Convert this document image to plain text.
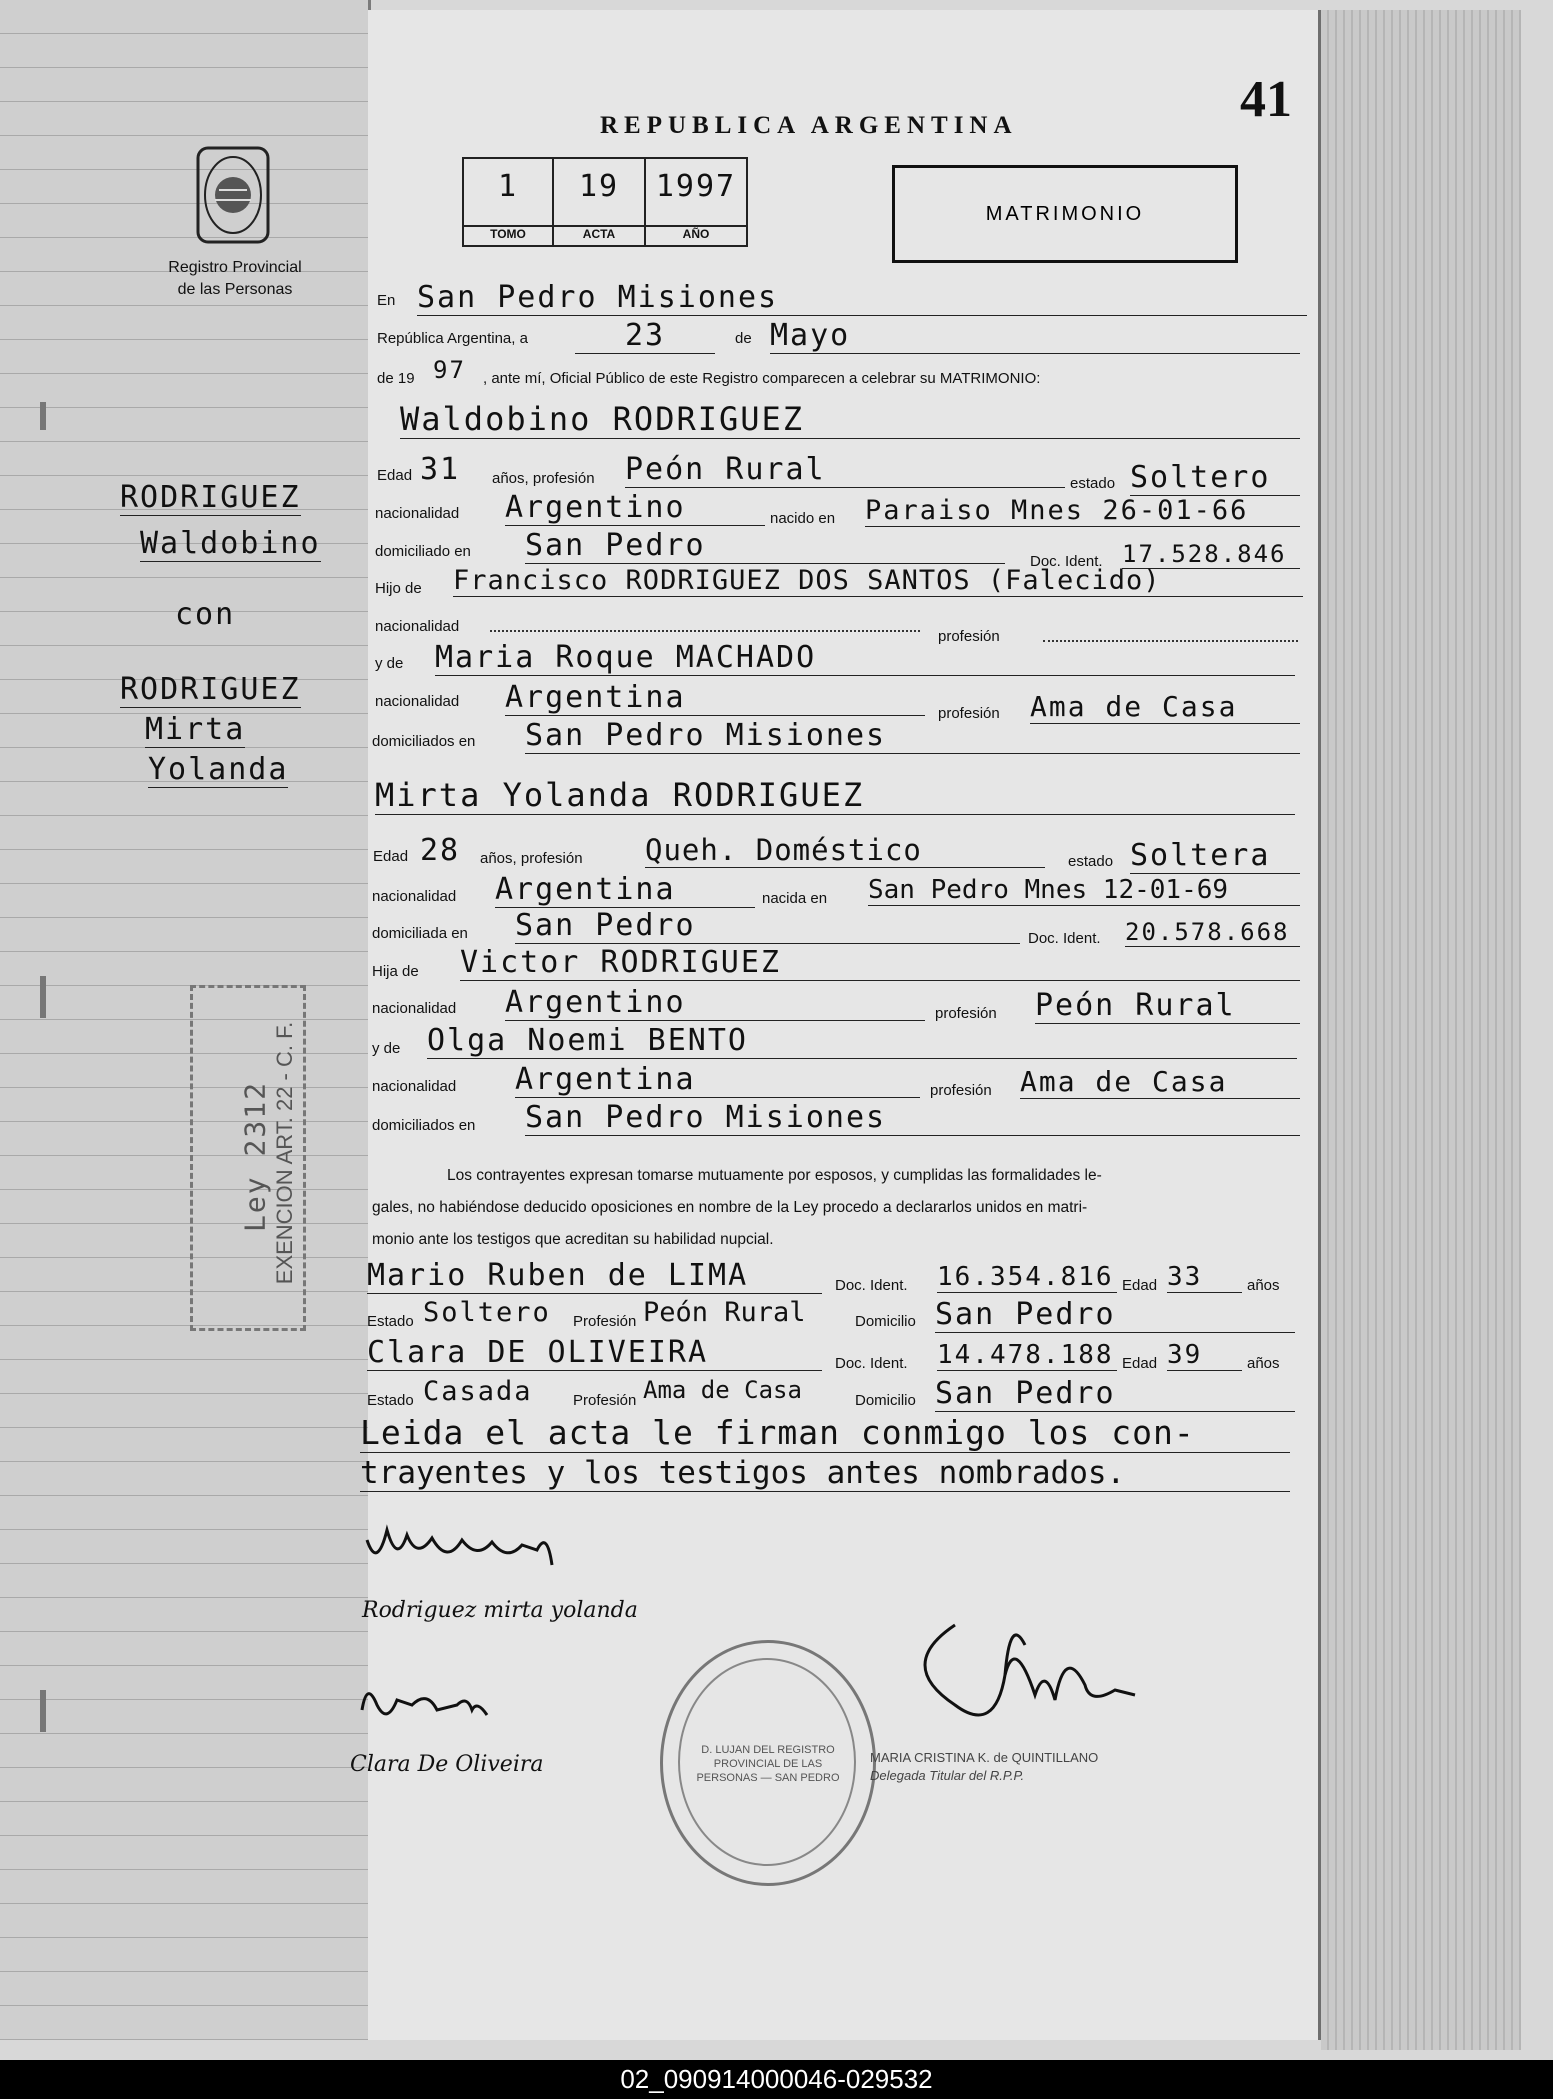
Registro Provincial
de las Personas
RODRIGUEZ
Waldobino
con
RODRIGUEZ
Mirta
Yolanda
Ley 2312 EXENCION ART. 22 - C. F.
41
REPUBLICA ARGENTINA
1
TOMO
19
ACTA
1997
AÑO
MATRIMONIO
En San Pedro Misiones
República Argentina, a	23	de Mayo
de 19 97 , ante mí, Oficial Público de este Registro comparecen a celebrar su MATRIMONIO:
Waldobino RODRIGUEZ
Edad 31 años, profesión Peón Rural	estado Soltero
nacionalidad Argentino	nacido en Paraiso Mnes 26-01-66
domiciliado en San Pedro	Doc. Ident. 17.528.846
Hijo de Francisco RODRIGUEZ DOS SANTOS (Falecido)
nacionalidad
profesión
y de Maria Roque MACHADO
nacionalidad Argentina	profesión Ama de Casa
domiciliados en San Pedro Misiones
Mirta Yolanda RODRIGUEZ
Edad 28 años, profesión Queh. Doméstico	estado Soltera
nacionalidad Argentina	nacida en San Pedro Mnes 12-01-69
domiciliada en San Pedro	Doc. Ident. 20.578.668
Hija de Victor RODRIGUEZ
nacionalidad Argentino	profesión Peón Rural
y de Olga Noemi BENTO
nacionalidad Argentina	profesión Ama de Casa
domiciliados en San Pedro Misiones
Los contrayentes expresan tomarse mutuamente por esposos, y cumplidas las formalidades le-
gales, no habiéndose deducido oposiciones en nombre de la Ley procedo a declararlos unidos en matri-
monio ante los testigos que acreditan su habilidad nupcial.
Mario Ruben de LIMA	Doc. Ident. 16.354.816 Edad 33	años
Estado Soltero Profesión Peón Rural	Domicilio San Pedro
Clara DE OLIVEIRA	Doc. Ident. 14.478.188 Edad 39	años
Estado Casada	Profesión Ama de Casa	Domicilio San Pedro
Leida el acta le firman conmigo los con-
trayentes y los testigos antes nombrados.
Rodriguez mirta yolanda
Clara De Oliveira
D. LUJAN DEL REGISTRO PROVINCIAL DE LAS PERSONAS — SAN PEDRO
MARIA CRISTINA K. de QUINTILLANO
Delegada Titular del R.P.P.
02_090914000046-029532
